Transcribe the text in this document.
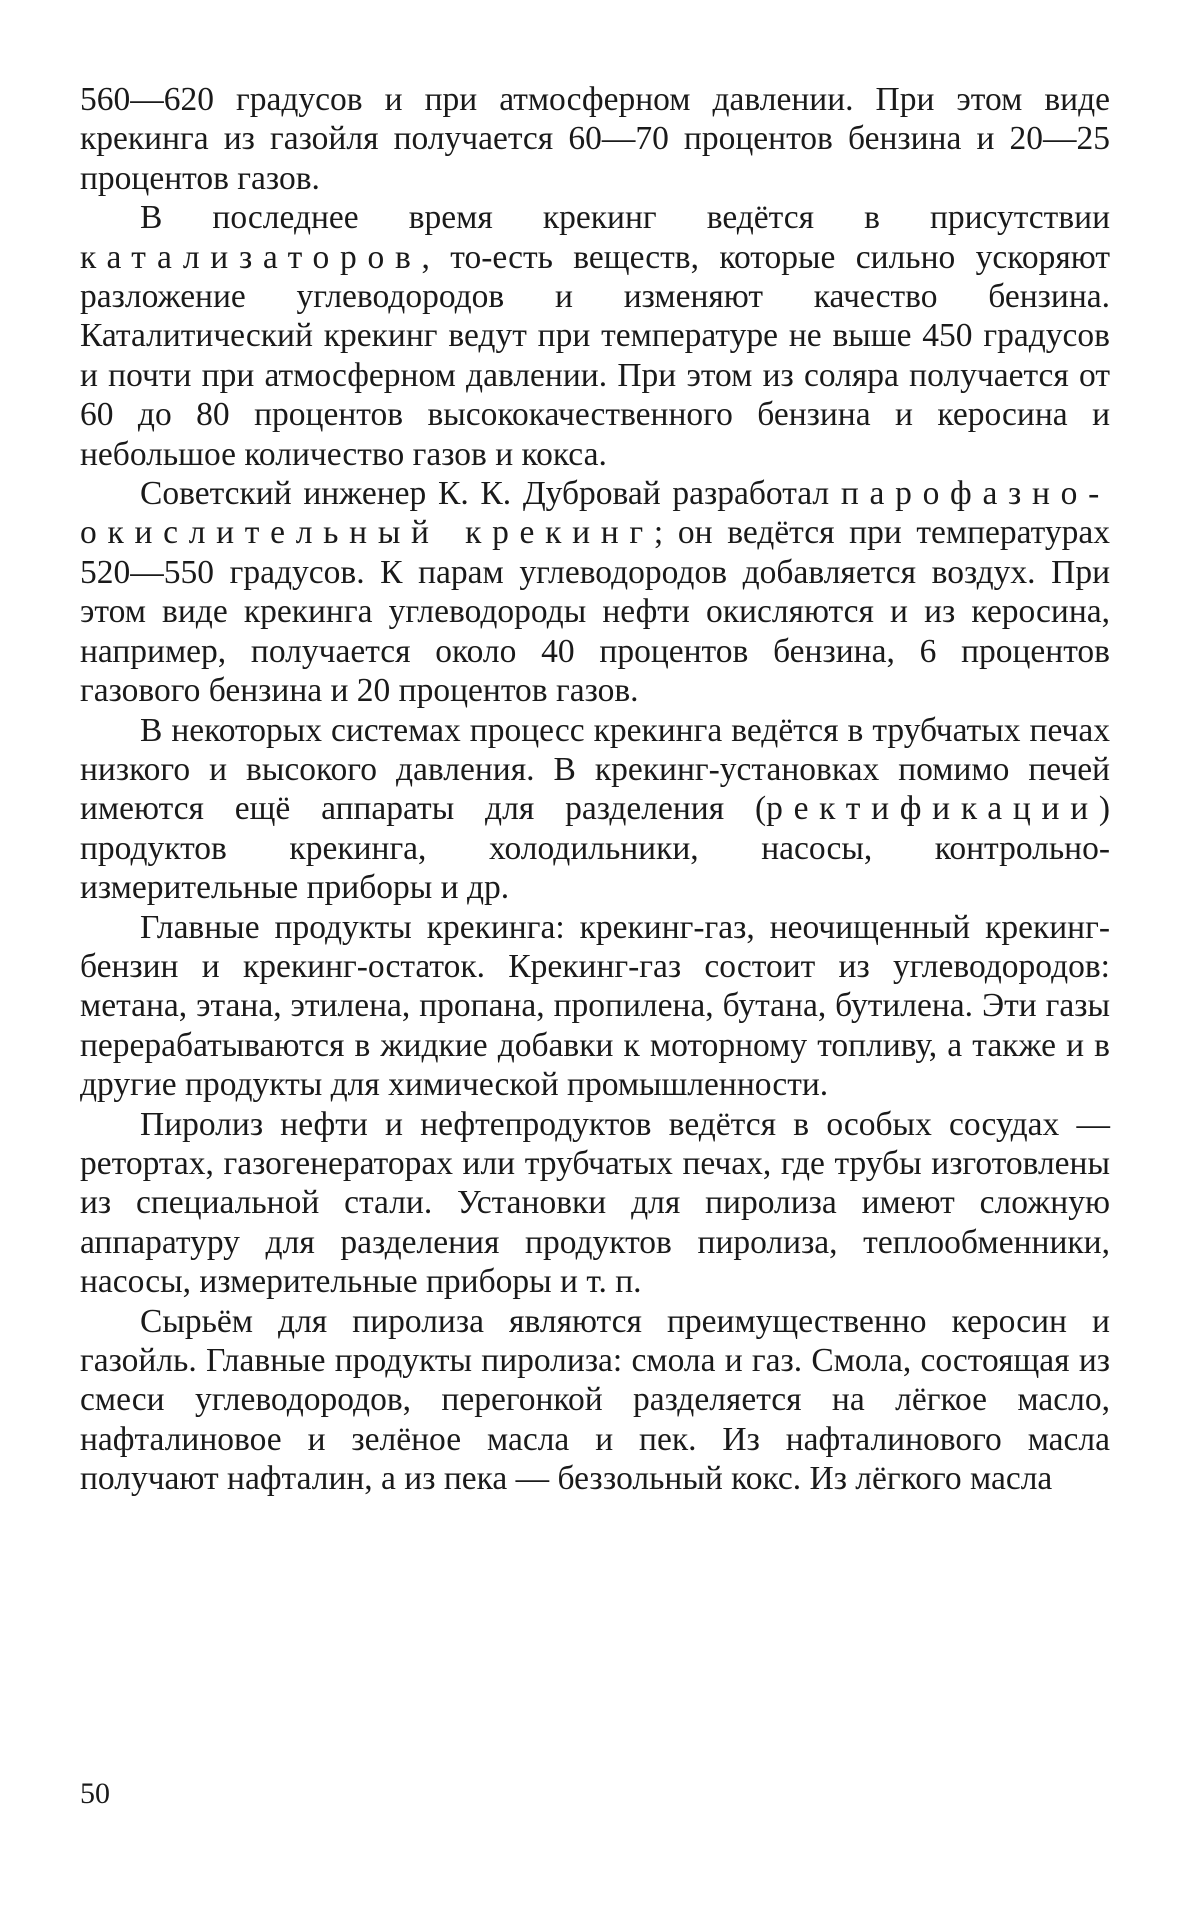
560—620 градусов и при атмосферном давлении. При этом виде крекинга из газойля получается 60—70 процентов бензина и 20—25 процентов газов.

В последнее время крекинг ведётся в присутствии катализаторов, то-есть веществ, которые сильно ускоряют разложение углеводородов и изменяют качество бензина. Каталитический крекинг ведут при температуре не выше 450 градусов и почти при атмосферном давлении. При этом из соляра получается от 60 до 80 процентов высококачественного бензина и керосина и небольшое количество газов и кокса.

Советский инженер К. К. Дубровай разработал парофазно-окислительный крекинг; он ведётся при температурах 520—550 градусов. К парам углеводородов добавляется воздух. При этом виде крекинга углеводороды нефти окисляются и из керосина, например, получается около 40 процентов бензина, 6 процентов газового бензина и 20 процентов газов.

В некоторых системах процесс крекинга ведётся в трубчатых печах низкого и высокого давления. В крекинг-установках помимо печей имеются ещё аппараты для разделения (ректификации) продуктов крекинга, холодильники, насосы, контрольно-измерительные приборы и др.

Главные продукты крекинга: крекинг-газ, неочищенный крекинг-бензин и крекинг-остаток. Крекинг-газ состоит из углеводородов: метана, этана, этилена, пропана, пропилена, бутана, бутилена. Эти газы перерабатываются в жидкие добавки к моторному топливу, а также и в другие продукты для химической промышленности.

Пиролиз нефти и нефтепродуктов ведётся в особых сосудах — ретортах, газогенераторах или трубчатых печах, где трубы изготовлены из специальной стали. Установки для пиролиза имеют сложную аппаратуру для разделения продуктов пиролиза, теплообменники, насосы, измерительные приборы и т. п.

Сырьём для пиролиза являются преимущественно керосин и газойль. Главные продукты пиролиза: смола и газ. Смола, состоящая из смеси углеводородов, перегонкой разделяется на лёгкое масло, нафталиновое и зелёное масла и пек. Из нафталинового масла получают нафталин, а из пека — беззольный кокс. Из лёгкого масла

50
